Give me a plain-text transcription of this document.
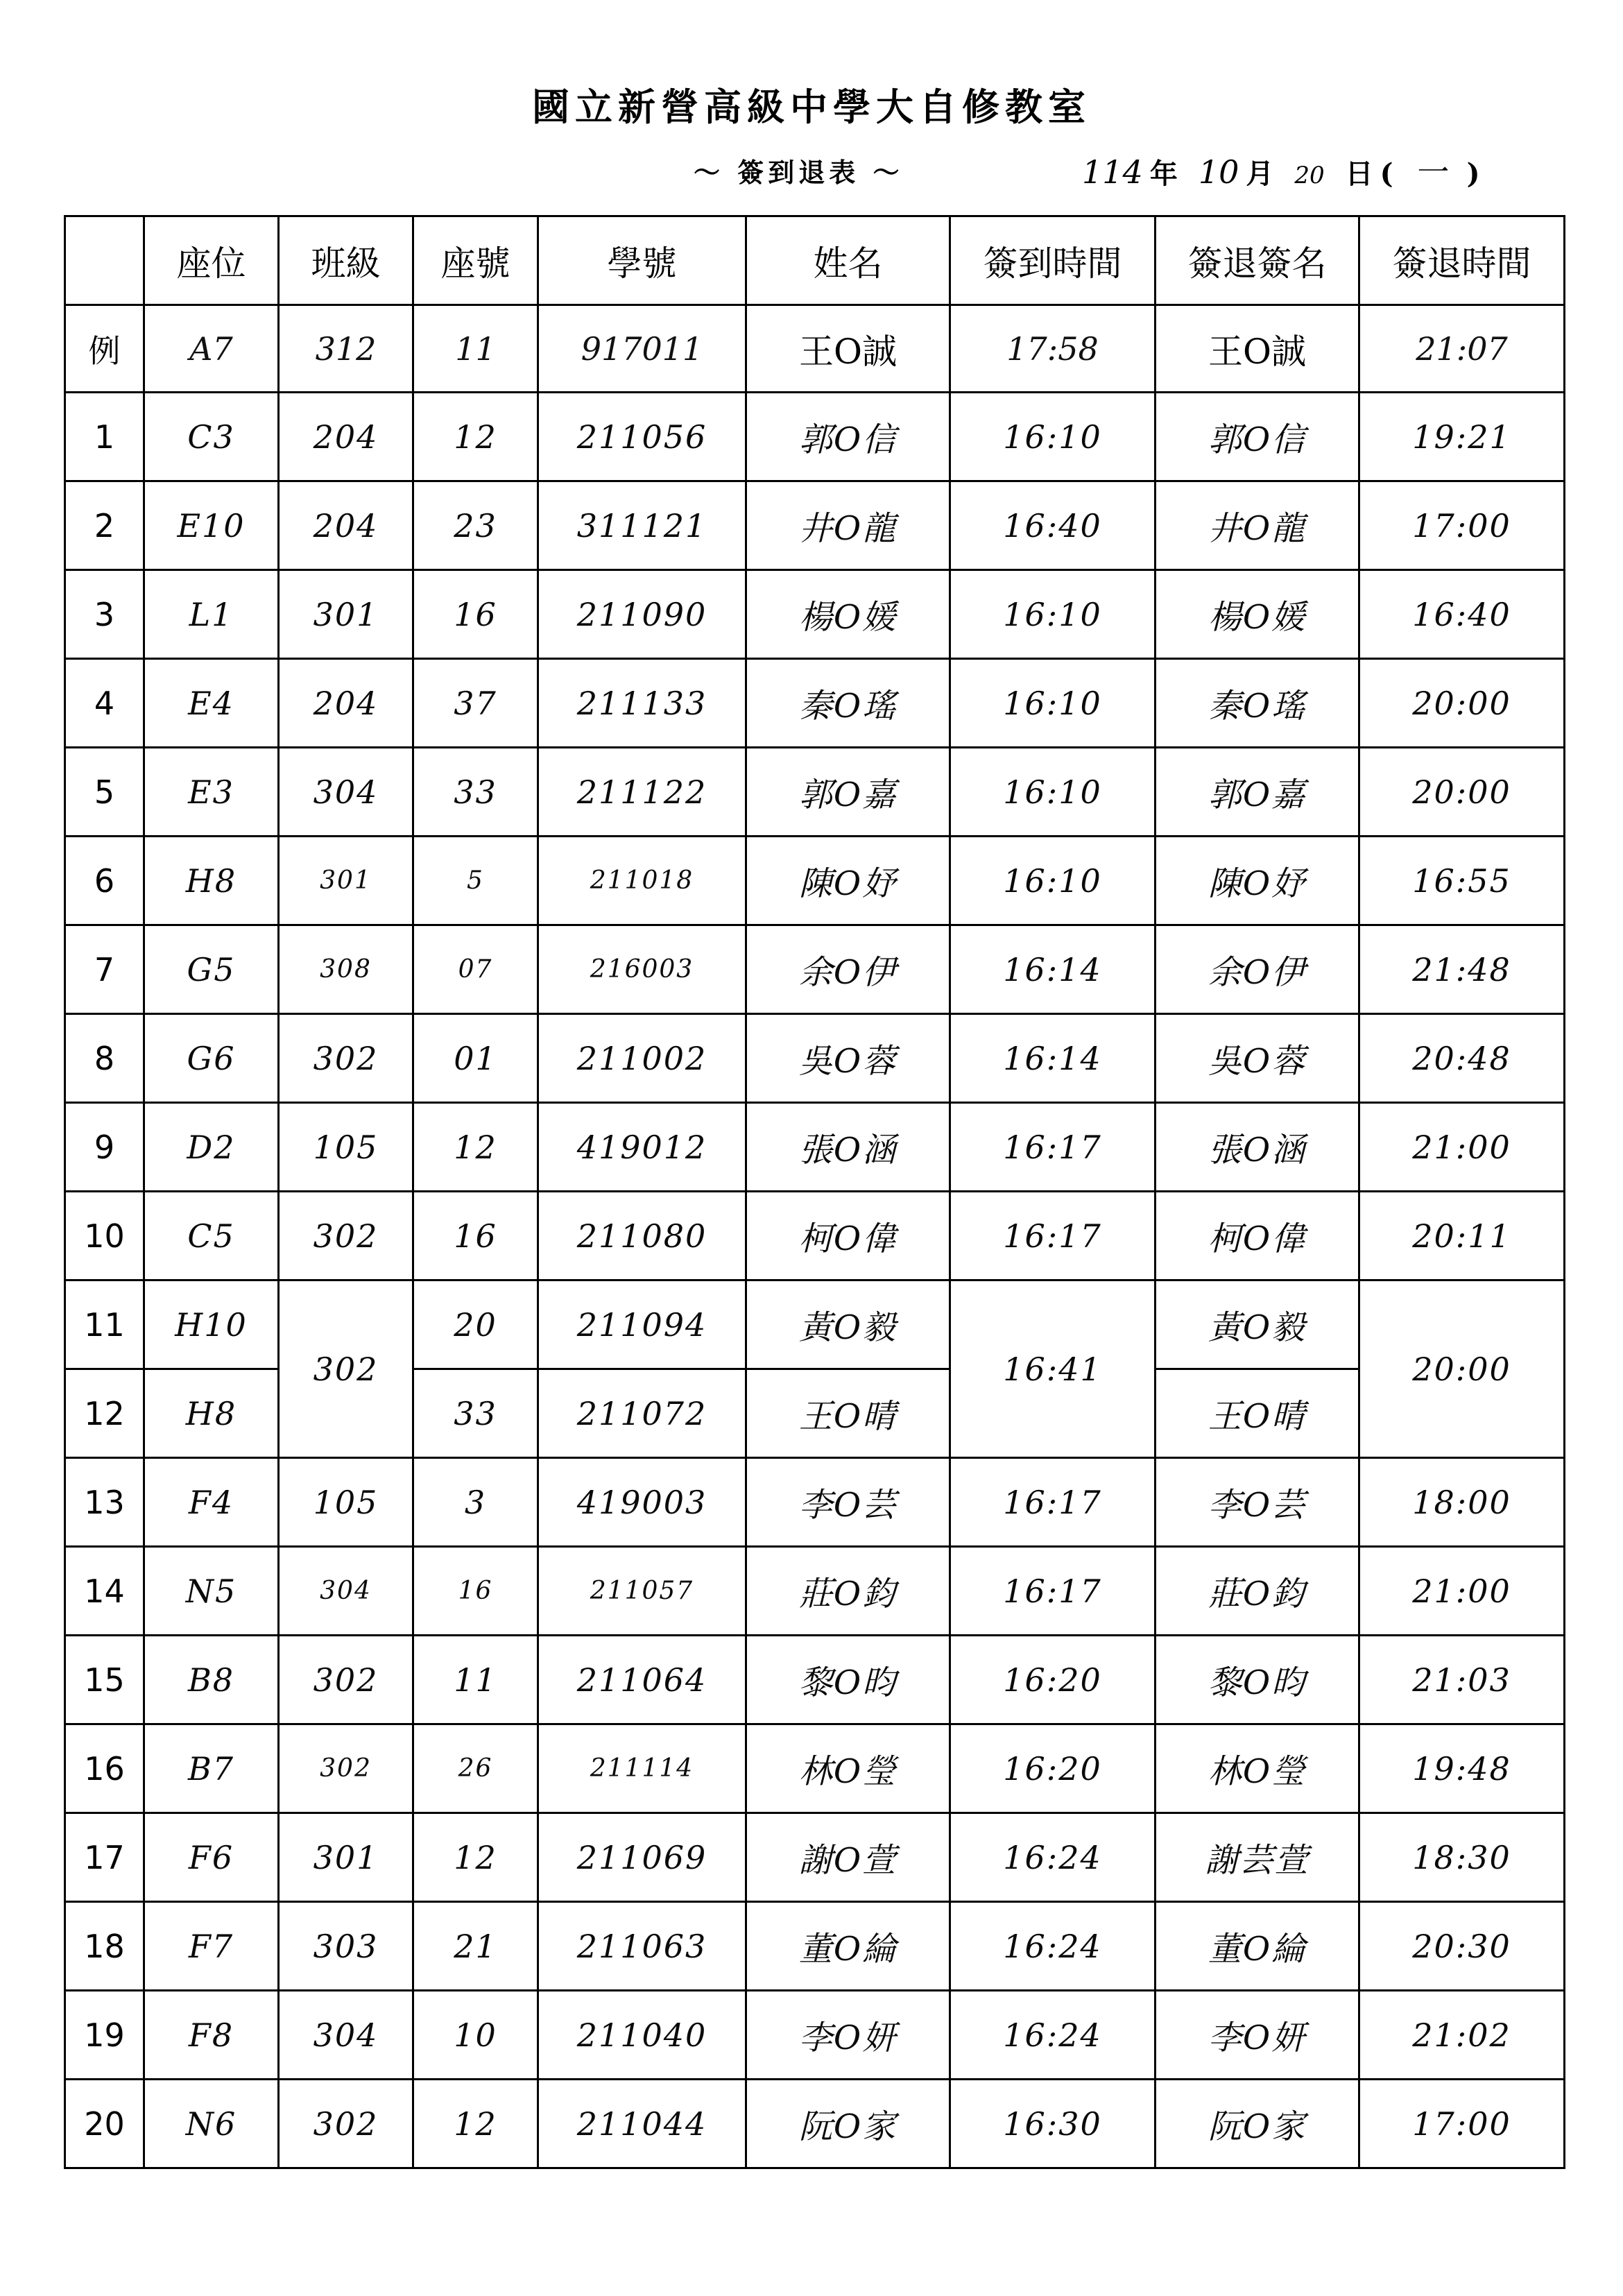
國立新營高級中學大自修教室
～ 簽到退表 ～	114 年 10 月 20 日 ( 一 )
	座位	班級	座號	學號	姓名	簽到時間	簽退簽名	簽退時間
例	A7	312	11	917011	王O誠	17:58	王O誠	21:07
1	C3	204	12	211056	郭O信	16:10	郭O信	19:21
2	E10	204	23	311121	井O龍	16:40	井O龍	17:00
3	L1	301	16	211090	楊O媛	16:10	楊O媛	16:40
4	E4	204	37	211133	秦O瑤	16:10	秦O瑤	20:00
5	E3	304	33	211122	郭O嘉	16:10	郭O嘉	20:00
6	H8	301	5	211018	陳O妤	16:10	陳O妤	16:55
7	G5	308	07	216003	余O伊	16:14	余O伊	21:48
8	G6	302	01	211002	吳O蓉	16:14	吳O蓉	20:48
9	D2	105	12	419012	張O涵	16:17	張O涵	21:00
10	C5	302	16	211080	柯O偉	16:17	柯O偉	20:11
11	H10	302	20	211094	黃O毅	16:41	黃O毅	20:00
12	H8		33	211072	王O晴		王O晴	
13	F4	105	3	419003	李O芸	16:17	李O芸	18:00
14	N5	304	16	211057	莊O鈞	16:17	莊O鈞	21:00
15	B8	302	11	211064	黎O昀	16:20	黎O昀	21:03
16	B7	302	26	211114	林O瑩	16:20	林O瑩	19:48
17	F6	301	12	211069	謝O萱	16:24	謝芸萱	18:30
18	F7	303	21	211063	董O綸	16:24	董O綸	20:30
19	F8	304	10	211040	李O妍	16:24	李O妍	21:02
20	N6	302	12	211044	阮O家	16:30	阮O家	17:00
